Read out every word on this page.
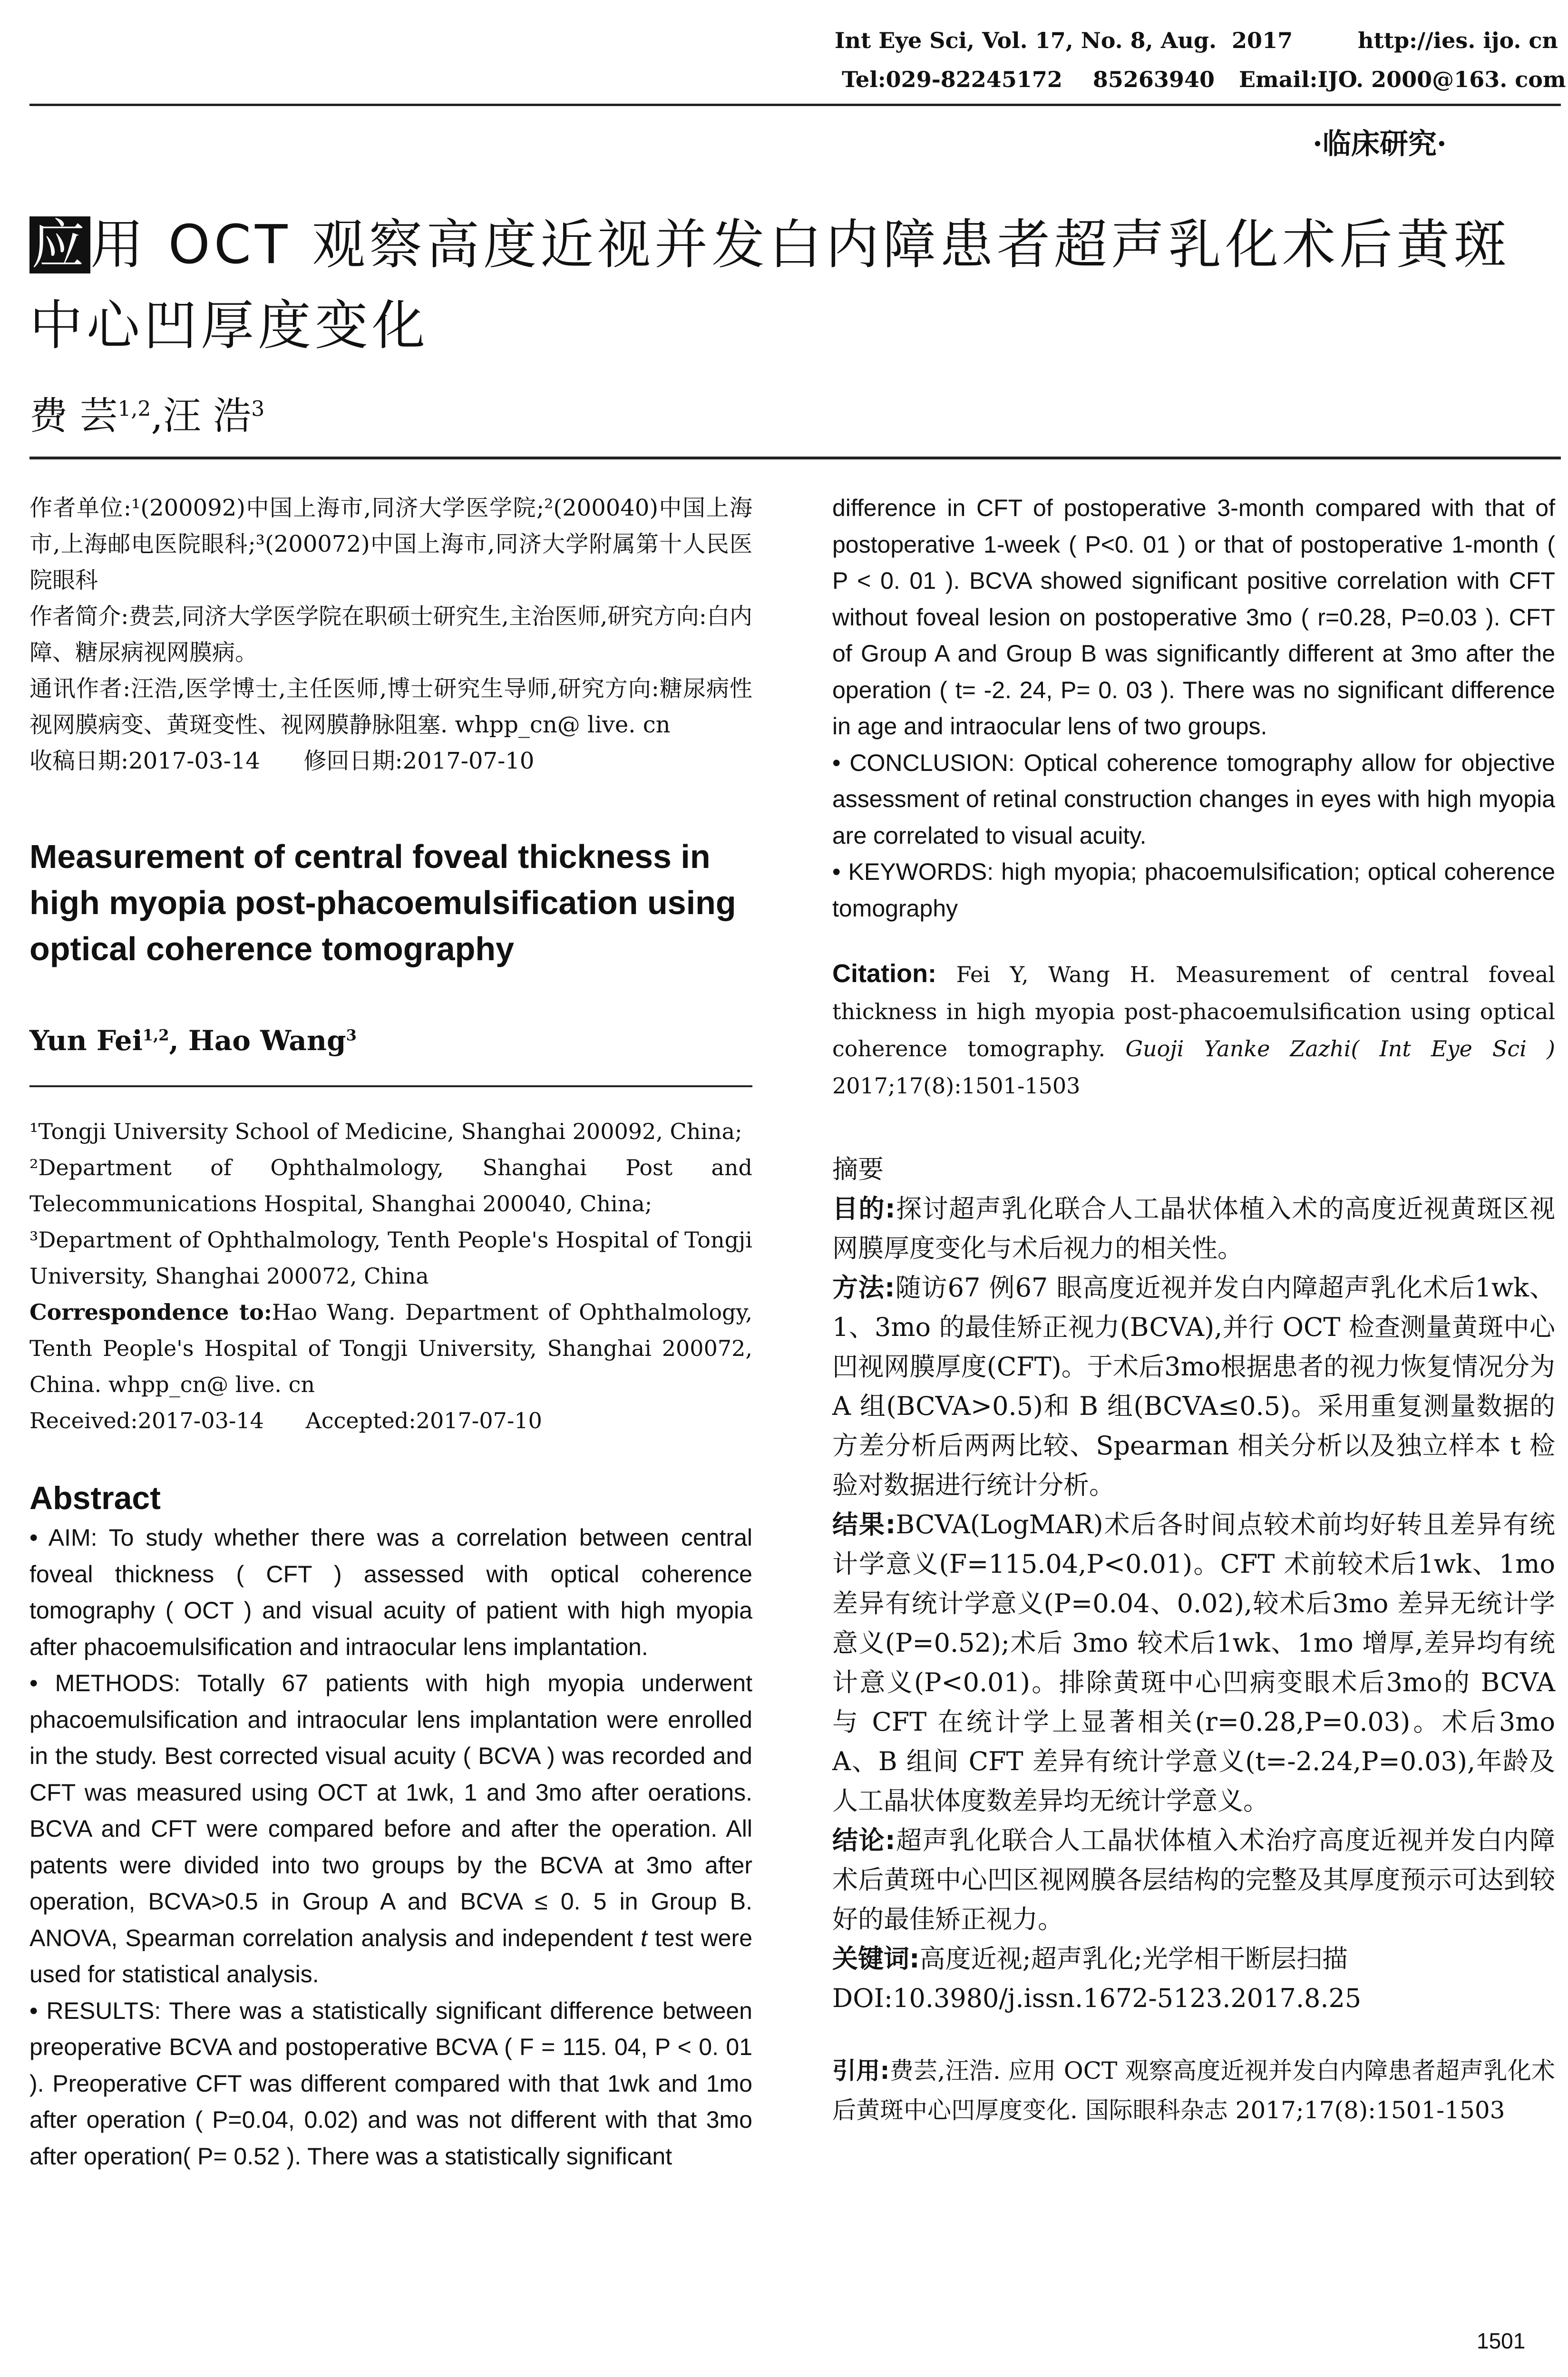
Int Eye Sci, Vol. 17, No. 8, Aug.  2017	http://ies. ijo. cn
Tel:029-82245172    85263940 Email:IJO. 2000@163. com
·临床研究·
应用 OCT 观察高度近视并发白内障患者超声乳化术后黄斑中心凹厚度变化
费 芸$^{1,2}$,汪 浩$^3$

作者单位:¹(200092)中国上海市,同济大学医学院;²(200040)中国上海市,上海邮电医院眼科;³(200072)中国上海市,同济大学附属第十人民医院眼科

作者简介:费芸,同济大学医学院在职硕士研究生,主治医师,研究方向:白内障、糖尿病视网膜病。

通讯作者:汪浩,医学博士,主任医师,博士研究生导师,研究方向:糖尿病性视网膜病变、黄斑变性、视网膜静脉阻塞. whpp_cn@ live. cn

收稿日期:2017-03-14      修回日期:2017-07-10
Measurement of central foveal thickness in high myopia post-phacoemulsification using optical coherence tomography
Yun Fei$^{1,2}$, Hao Wang$^3$

¹Tongji University School of Medicine, Shanghai 200092, China;

²Department of Ophthalmology, Shanghai Post and Telecommunications Hospital, Shanghai 200040, China;

³Department of Ophthalmology, Tenth People's Hospital of Tongji University, Shanghai 200072, China

Correspondence to:Hao Wang. Department of Ophthalmology, Tenth People's Hospital of Tongji University, Shanghai 200072, China. whpp_cn@ live. cn

Received:2017-03-14      Accepted:2017-07-10
Abstract

• AIM: To study whether there was a correlation between central foveal thickness ( CFT ) assessed with optical coherence tomography ( OCT ) and visual acuity of patient with high myopia after phacoemulsification and intraocular lens implantation.

• METHODS: Totally 67 patients with high myopia underwent phacoemulsification and intraocular lens implantation were enrolled in the study. Best corrected visual acuity ( BCVA ) was recorded and CFT was measured using OCT at 1wk, 1 and 3mo after oerations. BCVA and CFT were compared before and after the operation. All patents were divided into two groups by the BCVA at 3mo after operation, BCVA>0.5 in Group A and BCVA ≤ 0. 5 in Group B. ANOVA, Spearman correlation analysis and independent t test were used for statistical analysis.

• RESULTS: There was a statistically significant difference between preoperative BCVA and postoperative BCVA ( F = 115. 04, P < 0. 01 ). Preoperative CFT was different compared with that 1wk and 1mo after operation ( P=0.04, 0.02) and was not different with that 3mo after operation( P= 0.52 ). There was a statistically significant

difference in CFT of postoperative 3-month compared with that of postoperative 1-week ( P<0. 01 ) or that of postoperative 1-month ( P < 0. 01 ). BCVA showed significant positive correlation with CFT without foveal lesion on postoperative 3mo ( r=0.28, P=0.03 ). CFT of Group A and Group B was significantly different at 3mo after the operation ( t= -2. 24, P= 0. 03 ). There was no significant difference in age and intraocular lens of two groups.

• CONCLUSION: Optical coherence tomography allow for objective assessment of retinal construction changes in eyes with high myopia are correlated to visual acuity.

• KEYWORDS: high myopia; phacoemulsification; optical coherence tomography

Citation: Fei Y, Wang H. Measurement of central foveal thickness in high myopia post-phacoemulsification using optical coherence tomography. Guoji Yanke Zazhi( Int Eye Sci ) 2017;17(8):1501-1503

摘要

目的:探讨超声乳化联合人工晶状体植入术的高度近视黄斑区视网膜厚度变化与术后视力的相关性。

方法:随访67 例67 眼高度近视并发白内障超声乳化术后1wk、1、3mo 的最佳矫正视力(BCVA),并行 OCT 检查测量黄斑中心凹视网膜厚度(CFT)。于术后3mo根据患者的视力恢复情况分为 A 组(BCVA>0.5)和 B 组(BCVA≤0.5)。采用重复测量数据的方差分析后两两比较、Spearman 相关分析以及独立样本 t 检验对数据进行统计分析。

结果:BCVA(LogMAR)术后各时间点较术前均好转且差异有统计学意义(F=115.04,P<0.01)。CFT 术前较术后1wk、1mo 差异有统计学意义(P=0.04、0.02),较术后3mo 差异无统计学意义(P=0.52);术后 3mo 较术后1wk、1mo 增厚,差异均有统计意义(P<0.01)。排除黄斑中心凹病变眼术后3mo的 BCVA 与 CFT 在统计学上显著相关(r=0.28,P=0.03)。术后3mo A、B 组间 CFT 差异有统计学意义(t=-2.24,P=0.03),年龄及人工晶状体度数差异均无统计学意义。

结论:超声乳化联合人工晶状体植入术治疗高度近视并发白内障术后黄斑中心凹区视网膜各层结构的完整及其厚度预示可达到较好的最佳矫正视力。

关键词:高度近视;超声乳化;光学相干断层扫描

DOI:10.3980/j.issn.1672-5123.2017.8.25

引用:费芸,汪浩. 应用 OCT 观察高度近视并发白内障患者超声乳化术后黄斑中心凹厚度变化. 国际眼科杂志 2017;17(8):1501-1503
1501
